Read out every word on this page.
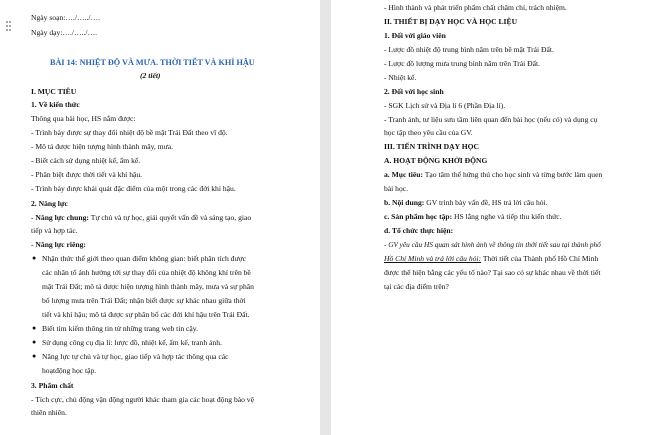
Ngày soạn:…./…../….
Ngày dạy:…./…../….
BÀI 14: NHIỆT ĐỘ VÀ MƯA. THỜI TIẾT VÀ KHÍ HẬU
(2 tiết)
I. MỤC TIÊU
1. Về kiến thức
Thông qua bài học, HS nắm được:
- Trình bày được sự thay đổi nhiệt độ bề mặt Trái Đất theo vĩ độ.
- Mô tả được hiện tượng hình thành mây, mưa.
- Biết cách sử dụng nhiệt kế, ẩm kế.
- Phân biệt được thời tiết và khí hậu.
- Trình bày được khái quát đặc điểm của một trong các đới khí hậu.
2. Năng lực
- Năng lực chung: Tự chủ và tự học, giải quyết vấn đề và sáng tạo, giao
tiếp và hợp tác.
- Năng lực riêng:
● Nhận thức thế giới theo quan điểm không gian: biết phân tích được
các nhân tố ảnh hưởng tới sự thay đổi của nhiệt độ không khí trên bề
mặt Trái Đất; mô tả được hiện tượng hình thành mây, mưa và sự phân
bố lượng mưa trên Trái Đất; nhận biết được sự khác nhau giữa thời
tiết và khí hậu; mô tả được sự phân bố các đới khí hậu trên Trái Đất.
● Biết tìm kiếm thông tin từ những trang web tin cậy.
● Sử dụng công cụ địa lí: lược đồ, nhiệt kế, ẩm kế, tranh ảnh.
● Năng lực tự chủ và tự học, giao tiếp và hợp tác thông qua các
hoạtđộng học tập.
3. Phẩm chất
- Tích cực, chủ động vận động người khác tham gia các hoạt động bảo vệ
thiên nhiên.
- Hình thành và phát triển phẩm chất chăm chỉ, trách nhiệm.
II. THIẾT BỊ DẠY HỌC VÀ HỌC LIỆU
1. Đối với giáo viên
- Lược đồ nhiệt độ trung bình năm trên bề mặt Trái Đất.
- Lược đồ lượng mưa trung bình năm trên Trái Đất.
- Nhiệt kế.
2. Đối với học sinh
- SGK Lịch sử và Địa lí 6 (Phần Địa lí).
- Tranh ảnh, tư liệu sưu tầm liên quan đến bài học (nếu có) và dụng cụ
học tập theo yêu cầu của GV.
III. TIẾN TRÌNH DẠY HỌC
A. HOẠT ĐỘNG KHỞI ĐỘNG
a. Mục tiêu: Tạo tâm thế hứng thú cho học sinh và từng bước làm quen
bài học.
b. Nội dung: GV trình bày vấn đề, HS trả lời câu hỏi.
c. Sản phẩm học tập: HS lắng nghe và tiếp thu kiến thức.
d. Tổ chức thực hiện:
- GV yêu cầu HS quan sát hình ảnh về thông tin thời tiết sau tại thành phố
Hồ Chí Minh và trả lời câu hỏi: Thời tiết của Thành phố Hồ Chí Minh
được thể hiện bằng các yếu tố nào? Tại sao có sự khác nhau về thời tiết
tại các địa điểm trên?
